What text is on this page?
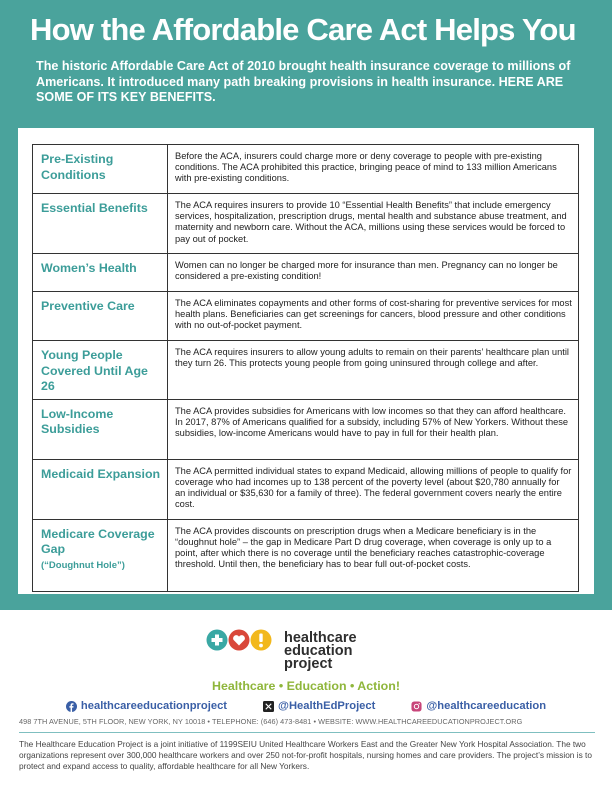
How the Affordable Care Act Helps You

The historic Affordable Care Act of 2010 brought health insurance coverage to millions of Americans. It introduced many path breaking provisions in health insurance. HERE ARE SOME OF ITS KEY BENEFITS.

Pre-Existing Conditions	Before the ACA, insurers could charge more or deny coverage to people with pre-existing conditions. The ACA prohibited this practice, bringing peace of mind to 133 million Americans with pre-existing conditions.
Essential Benefits	The ACA requires insurers to provide 10 “Essential Health Benefits” that include emergency services, hospitalization, prescription drugs, mental health and substance abuse treatment, and maternity and newborn care. Without the ACA, millions using these services would be forced to pay out of pocket.
Women’s Health	Women can no longer be charged more for insurance than men. Pregnancy can no longer be considered a pre-existing condition!
Preventive Care	The ACA eliminates copayments and other forms of cost-sharing for preventive services for most health plans. Beneficiaries can get screenings for cancers, blood pressure and other conditions with no out-of-pocket payment.
Young People Covered Until Age 26	The ACA requires insurers to allow young adults to remain on their parents’ healthcare plan until they turn 26. This protects young people from going uninsured through college and after.
Low-Income Subsidies	The ACA provides subsidies for Americans with low incomes so that they can afford healthcare. In 2017, 87% of Americans qualified for a subsidy, including 57% of New Yorkers. Without these subsidies, low-income Americans would have to pay in full for their health plan.
Medicaid Expansion	The ACA permitted individual states to expand Medicaid, allowing millions of people to qualify for coverage who had incomes up to 138 percent of the poverty level (about $20,780 annually for an individual or $35,630 for a family of three). The federal government covers nearly the entire cost.
Medicare Coverage Gap
(“Doughnut Hole”)	The ACA provides discounts on prescription drugs when a Medicare beneficiary is in the “doughnut hole” – the gap in Medicare Part D drug coverage, when coverage is only up to a point, after which there is no coverage until the beneficiary reaches catastrophic-coverage threshold. Until then, the beneficiary has to bear full out-of-pocket costs.
healthcare
education
project
Healthcare • Education • Action!
healthcareeducationproject	@HealthEdProject	@healthcareeducation
498 7TH AVENUE, 5TH FLOOR, NEW YORK, NY 10018 • TELEPHONE: (646) 473-8481 • WEBSITE: WWW.HEALTHCAREEDUCATIONPROJECT.ORG

The Healthcare Education Project is a joint initiative of 1199SEIU United Healthcare Workers East and the Greater New York Hospital Association. The two organizations represent over 300,000 healthcare workers and over 250 not-for-profit hospitals, nursing homes and care providers. The project’s mission is to protect and expand access to quality, affordable healthcare for all New Yorkers.
